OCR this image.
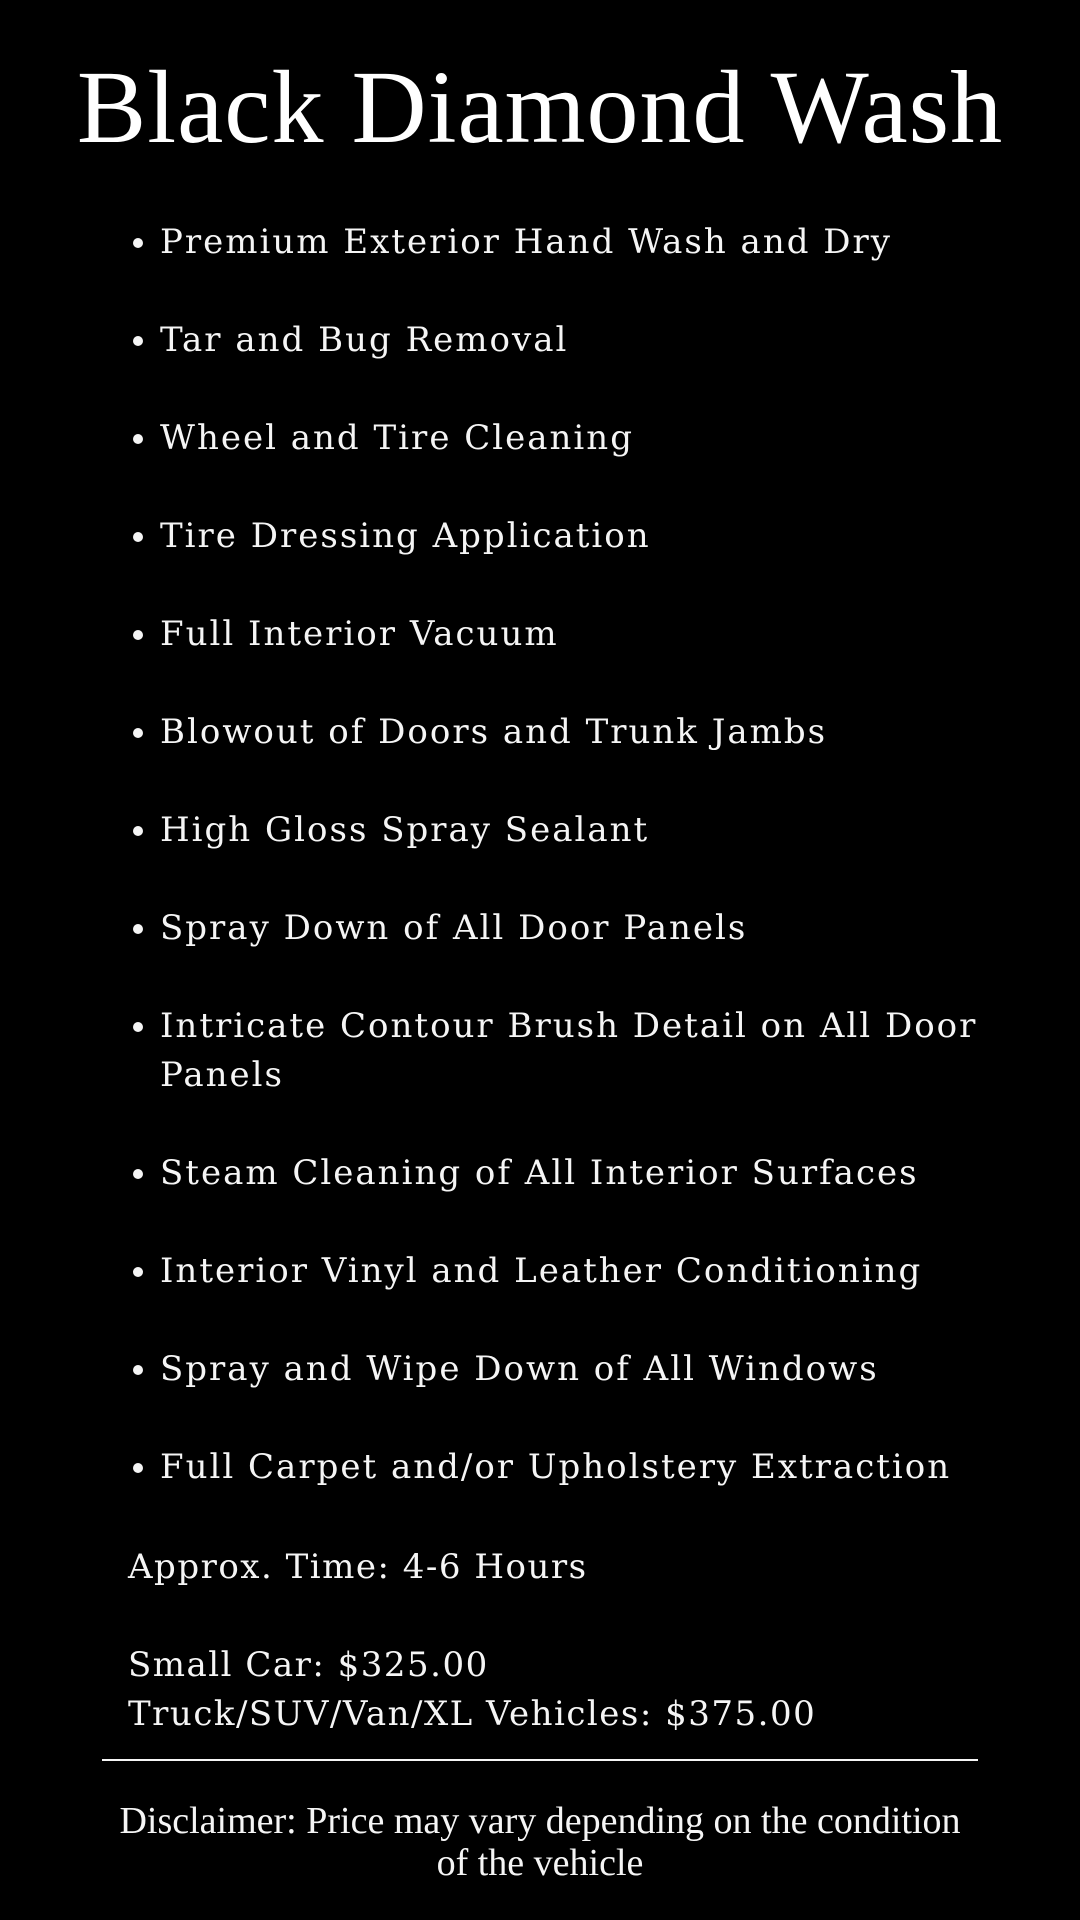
Black Diamond Wash
Premium Exterior Hand Wash and Dry
Tar and Bug Removal
Wheel and Tire Cleaning
Tire Dressing Application
Full Interior Vacuum
Blowout of Doors and Trunk Jambs
High Gloss Spray Sealant
Spray Down of All Door Panels
Intricate Contour Brush Detail on All Door Panels
Steam Cleaning of All Interior Surfaces
Interior Vinyl and Leather Conditioning
Spray and Wipe Down of All Windows
Full Carpet and/or Upholstery Extraction
Approx. Time: 4-6 Hours
Small Car: $325.00
Truck/SUV/Van/XL Vehicles: $375.00
Disclaimer: Price may vary depending on the condition of the vehicle
